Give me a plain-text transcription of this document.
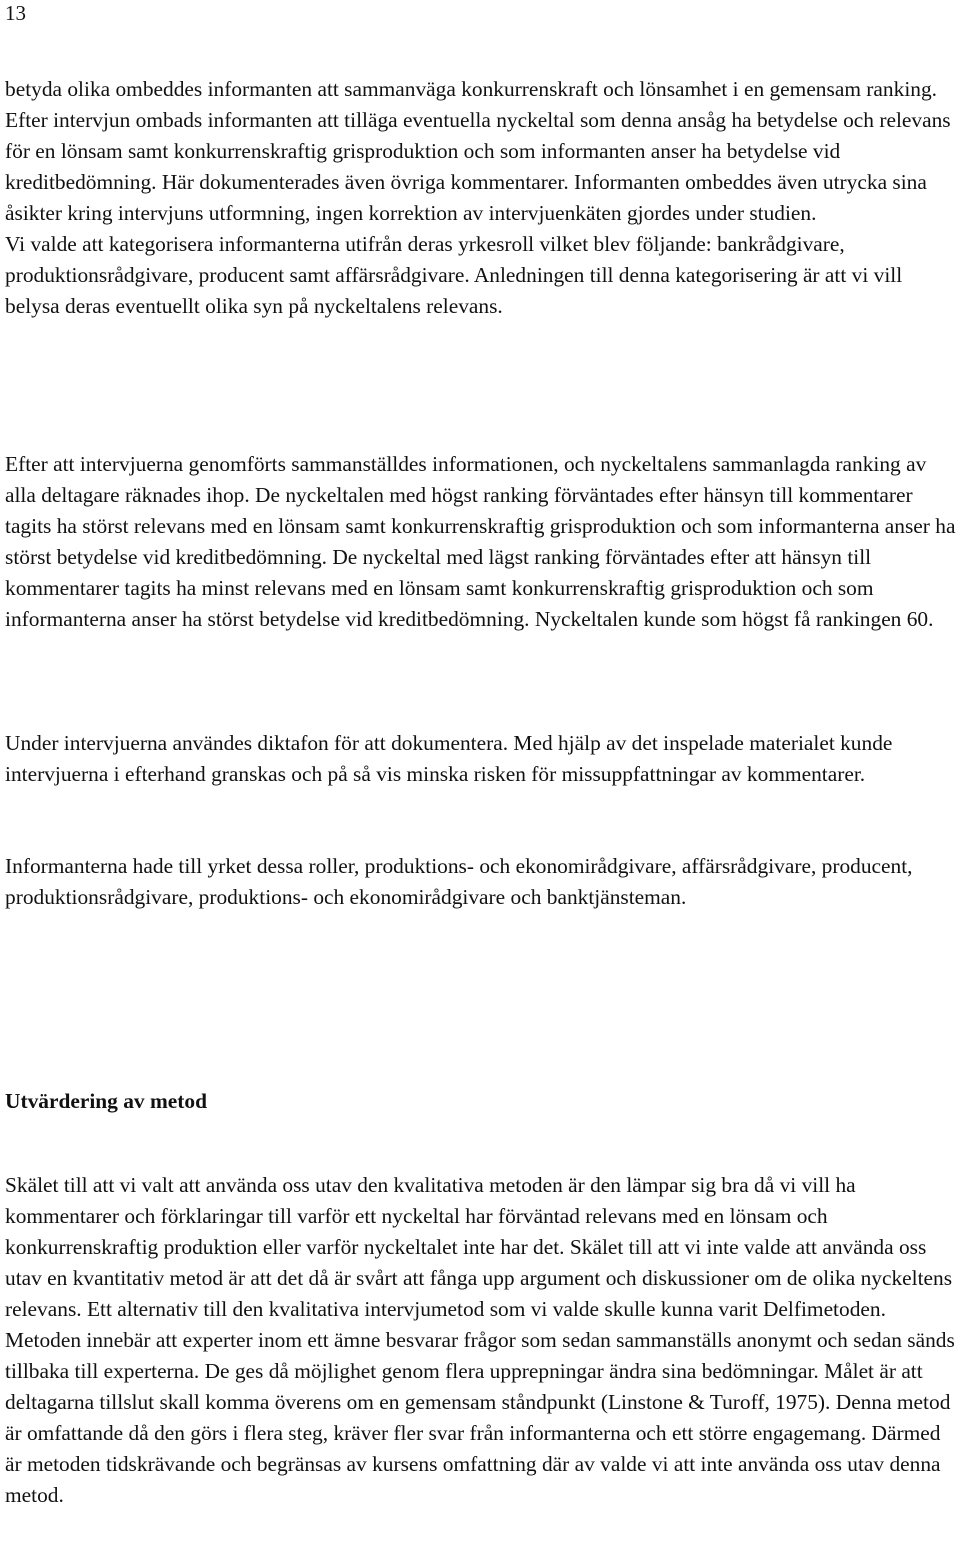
13

betyda olika ombeddes informanten att sammanväga konkurrenskraft och lönsamhet i en gemensam ranking. Efter intervjun ombads informanten att tilläga eventuella nyckeltal som denna ansåg ha betydelse och relevans för en lönsam samt konkurrenskraftig grisproduktion och som informanten anser ha betydelse vid kreditbedömning. Här dokumenterades även övriga kommentarer. Informanten ombeddes även utrycka sina åsikter kring intervjuns utformning, ingen korrektion av intervjuenkäten gjordes under studien.

Vi valde att kategorisera informanterna utifrån deras yrkesroll vilket blev följande: bankrådgivare, produktionsrådgivare, producent samt affärsrådgivare. Anledningen till denna kategorisering är att vi vill belysa deras eventuellt olika syn på nyckeltalens relevans.

Efter att intervjuerna genomförts sammanställdes informationen, och nyckeltalens sammanlagda ranking av alla deltagare räknades ihop. De nyckeltalen med högst ranking förväntades efter hänsyn till kommentarer tagits ha störst relevans med en lönsam samt konkurrenskraftig grisproduktion och som informanterna anser ha störst betydelse vid kreditbedömning. De nyckeltal med lägst ranking förväntades efter att hänsyn till kommentarer tagits ha minst relevans med en lönsam samt konkurrenskraftig grisproduktion och som informanterna anser ha störst betydelse vid kreditbedömning. Nyckeltalen kunde som högst få rankingen 60.

Under intervjuerna användes diktafon för att dokumentera. Med hjälp av det inspelade materialet kunde intervjuerna i efterhand granskas och på så vis minska risken för missuppfattningar av kommentarer.

Informanterna hade till yrket dessa roller, produktions- och ekonomirådgivare, affärsrådgivare, producent, produktionsrådgivare, produktions- och ekonomirådgivare och banktjänsteman.

Utvärdering av metod

Skälet till att vi valt att använda oss utav den kvalitativa metoden är den lämpar sig bra då vi vill ha kommentarer och förklaringar till varför ett nyckeltal har förväntad relevans med en lönsam och konkurrenskraftig produktion eller varför nyckeltalet inte har det. Skälet till att vi inte valde att använda oss utav en kvantitativ metod är att det då är svårt att fånga upp argument och diskussioner om de olika nyckeltens relevans. Ett alternativ till den kvalitativa intervjumetod som vi valde skulle kunna varit Delfimetoden. Metoden innebär att experter inom ett ämne besvarar frågor som sedan sammanställs anonymt och sedan sänds tillbaka till experterna. De ges då möjlighet genom flera upprepningar ändra sina bedömningar. Målet är att deltagarna tillslut skall komma överens om en gemensam ståndpunkt (Linstone & Turoff, 1975). Denna metod är omfattande då den görs i flera steg, kräver fler svar från informanterna och ett större engagemang. Därmed är metoden tidskrävande och begränsas av kursens omfattning där av valde vi att inte använda oss utav denna metod.
